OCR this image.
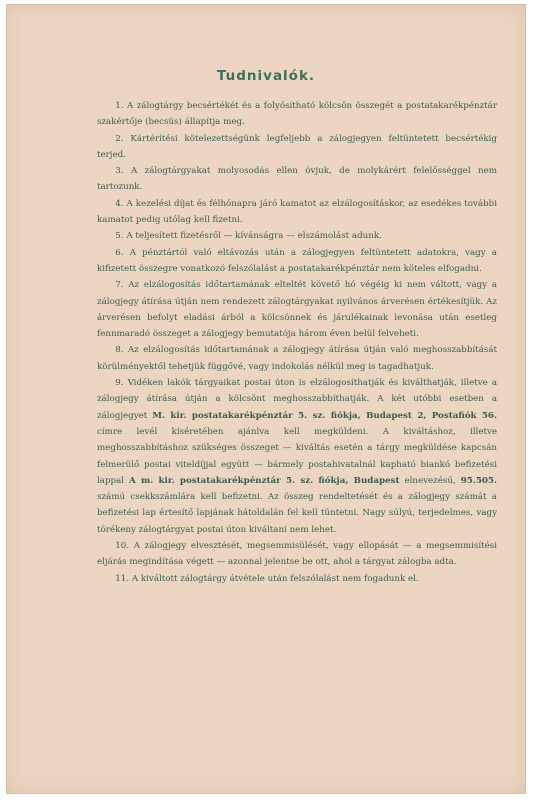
Tudnivalók.

1. A zálogtárgy becsértékét és a folyósítható kölcsön összegét a postatakarékpénztár szakértője (becsüs) állapítja meg.

2. Kártérítési kötelezettségünk legfeljebb a zálogjegyen feltüntetett becsértékig terjed.

3. A zálogtárgyakat molyosodás ellen óvjuk, de molykárért felelősséggel nem tartozunk.

4. A kezelési díjat és félhónapra járó kamatot az elzálogosításkor, az esedékes további kamatot pedig utólag kell fizetni.

5. A teljesített fizetésről — kívánságra — elszámolást adunk.

6. A pénztártól való eltávozás után a zálogjegyen feltüntetett adatokra, vagy a kifizetett összegre vonatkozó felszólalást a postatakarékpénztár nem köteles elfogadni.

7. Az elzálogosítás időtartamának elteltét követő hó végéig ki nem váltott, vagy a zálogjegy átírása útján nem rendezett zálogtárgyakat nyilvános árverésen értékesítjük. Az árverésen befolyt eladási árból a kölcsönnek és járulékainak levonása után esetleg fennmaradó összeget a zálogjegy bemutatója három éven belül felveheti.

8. Az elzálogosítás időtartamának a zálogjegy átírása útján való meghosszabbítását körülményektől tehetjük függővé, vagy indokolás nélkül meg is tagadhatjuk.

9. Vidéken lakók tárgyaikat postai úton is elzálogosíthatják és kiválthatják, illetve a zálogjegy átírása útján a kölcsönt meghosszabbíthatják. A két utóbbi esetben a zálogjegyet M. kir. postatakarékpénztár 5. sz. fiókja, Budapest 2, Postafiók 56. címre levél kíséretében ajánlva kell megküldeni. A kiváltáshoz, illetve meghosszabbításhoz szükséges összeget — kiváltás esetén a tárgy megküldése kapcsán felmerülő postai viteldíjjal együtt — bármely postahivatalnál kapható biankó befizetési lappal A m. kir. postatakarékpénztár 5. sz. fiókja, Budapest elnevezésű, 95.505. számú csekkszámlára kell befizetni. Az összeg rendeltetését és a zálogjegy számát a befizetési lap értesítő lapjának hátoldalán fel kell tüntetni. Nagy súlyú, terjedelmes, vagy törékeny zálogtárgyat postai úton kiváltani nem lehet.

10. A zálogjegy elvesztését, megsemmisülését, vagy ellopását — a megsemmisítési eljárás megindítása végett — azonnal jelentse be ott, ahol a tárgyat zálogba adta.

11. A kiváltott zálogtárgy átvétele után felszólalást nem fogadunk el.
